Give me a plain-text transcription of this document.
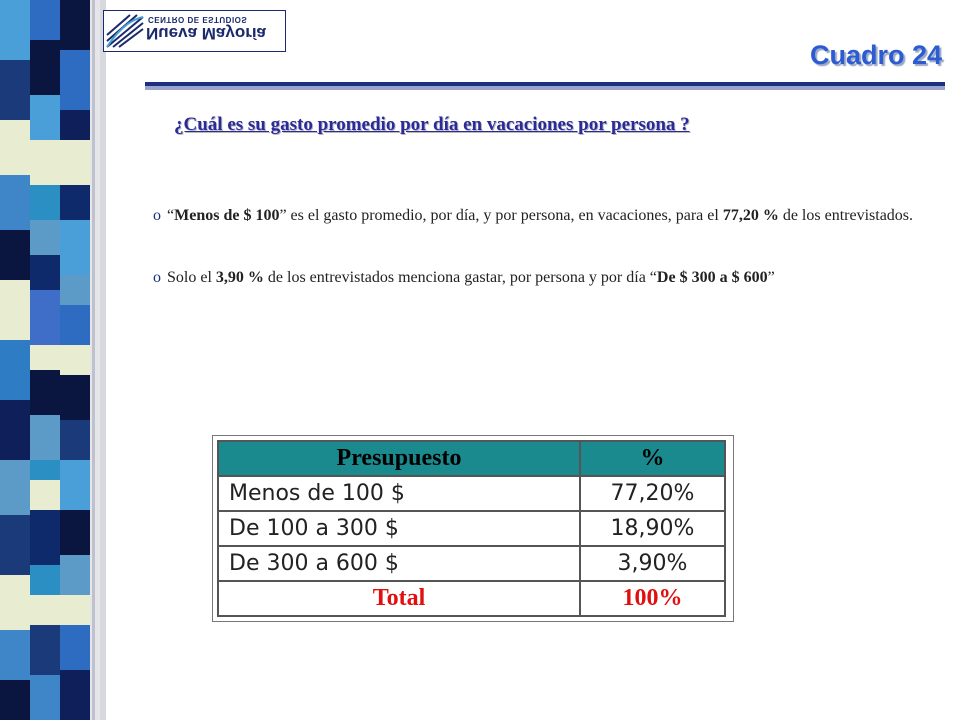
Nueva Mayoría
CENTRO DE ESTUDIOS
Cuadro 24
¿Cuál es su gasto promedio por día en vacaciones por persona ?
o “Menos de $ 100” es el gasto promedio, por día, y por persona, en vacaciones, para el 77,20 % de los entrevistados.
o Solo el 3,90 % de los entrevistados menciona gastar, por persona y por día “De $ 300 a $ 600”
Presupuesto	%
Menos de 100 $	77,20%
De 100 a 300 $	18,90%
De 300 a 600 $	3,90%
Total	100%
